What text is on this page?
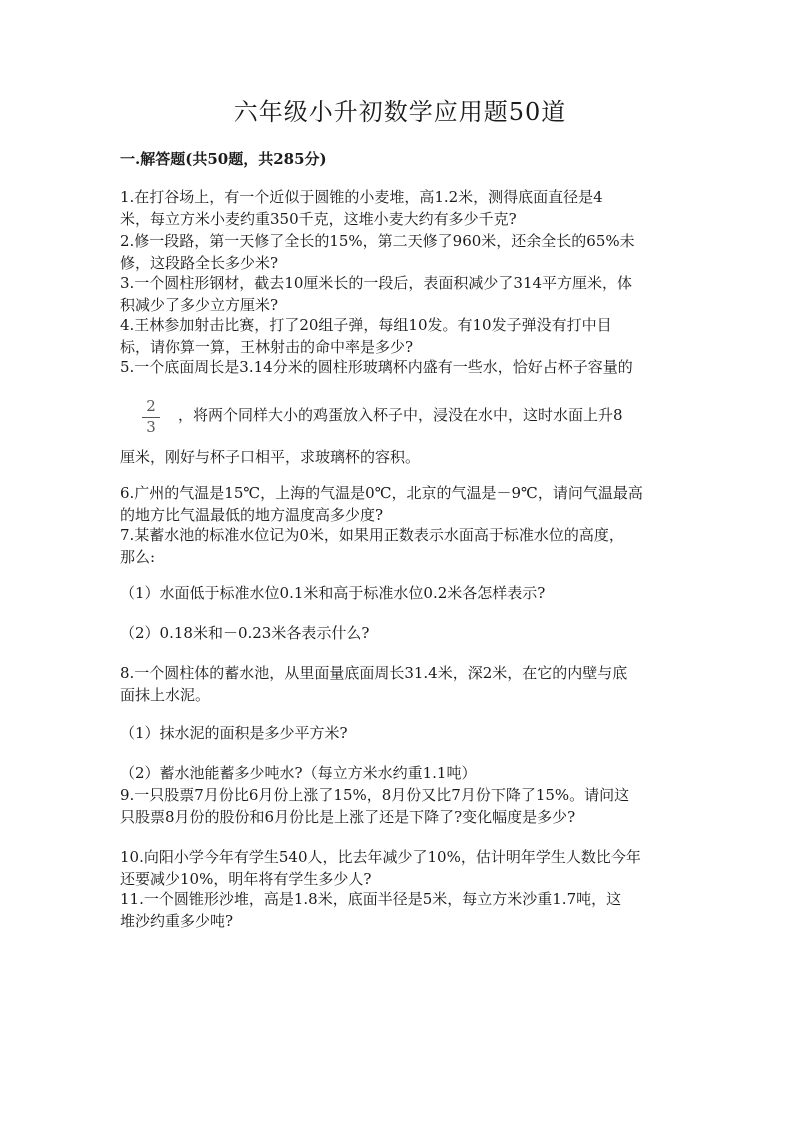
六年级小升初数学应用题50道
一.解答题(共50题，共285分)
1.在打谷场上，有一个近似于圆锥的小麦堆，高1.2米，测得底面直径是4
米，每立方米小麦约重350千克，这堆小麦大约有多少千克?
2.修一段路，第一天修了全长的15%，第二天修了960米，还余全长的65%未
修，这段路全长多少米?
3.一个圆柱形钢材，截去10厘米长的一段后，表面积减少了314平方厘米，体
积减少了多少立方厘米?
4.王林参加射击比赛，打了20组子弹，每组10发。有10发子弹没有打中目
标，请你算一算，王林射击的命中率是多少?
5.一个底面周长是3.14分米的圆柱形玻璃杯内盛有一些水，恰好占杯子容量的
2
3
，将两个同样大小的鸡蛋放入杯子中，浸没在水中，这时水面上升8
厘米，刚好与杯子口相平，求玻璃杯的容积。
6.广州的气温是15℃，上海的气温是0℃，北京的气温是－9℃，请问气温最高
的地方比气温最低的地方温度高多少度?
7.某蓄水池的标准水位记为0米，如果用正数表示水面高于标准水位的高度，
那么:
（1）水面低于标准水位0.1米和高于标准水位0.2米各怎样表示?
（2）0.18米和－0.23米各表示什么?
8.一个圆柱体的蓄水池，从里面量底面周长31.4米，深2米，在它的内壁与底
面抹上水泥。
（1）抹水泥的面积是多少平方米?
（2）蓄水池能蓄多少吨水?（每立方米水约重1.1吨）
9.一只股票7月份比6月份上涨了15%，8月份又比7月份下降了15%。请问这
只股票8月份的股份和6月份比是上涨了还是下降了?变化幅度是多少?
10.向阳小学今年有学生540人，比去年减少了10%，估计明年学生人数比今年
还要减少10%，明年将有学生多少人?
11.一个圆锥形沙堆，高是1.8米，底面半径是5米，每立方米沙重1.7吨，这
堆沙约重多少吨?
